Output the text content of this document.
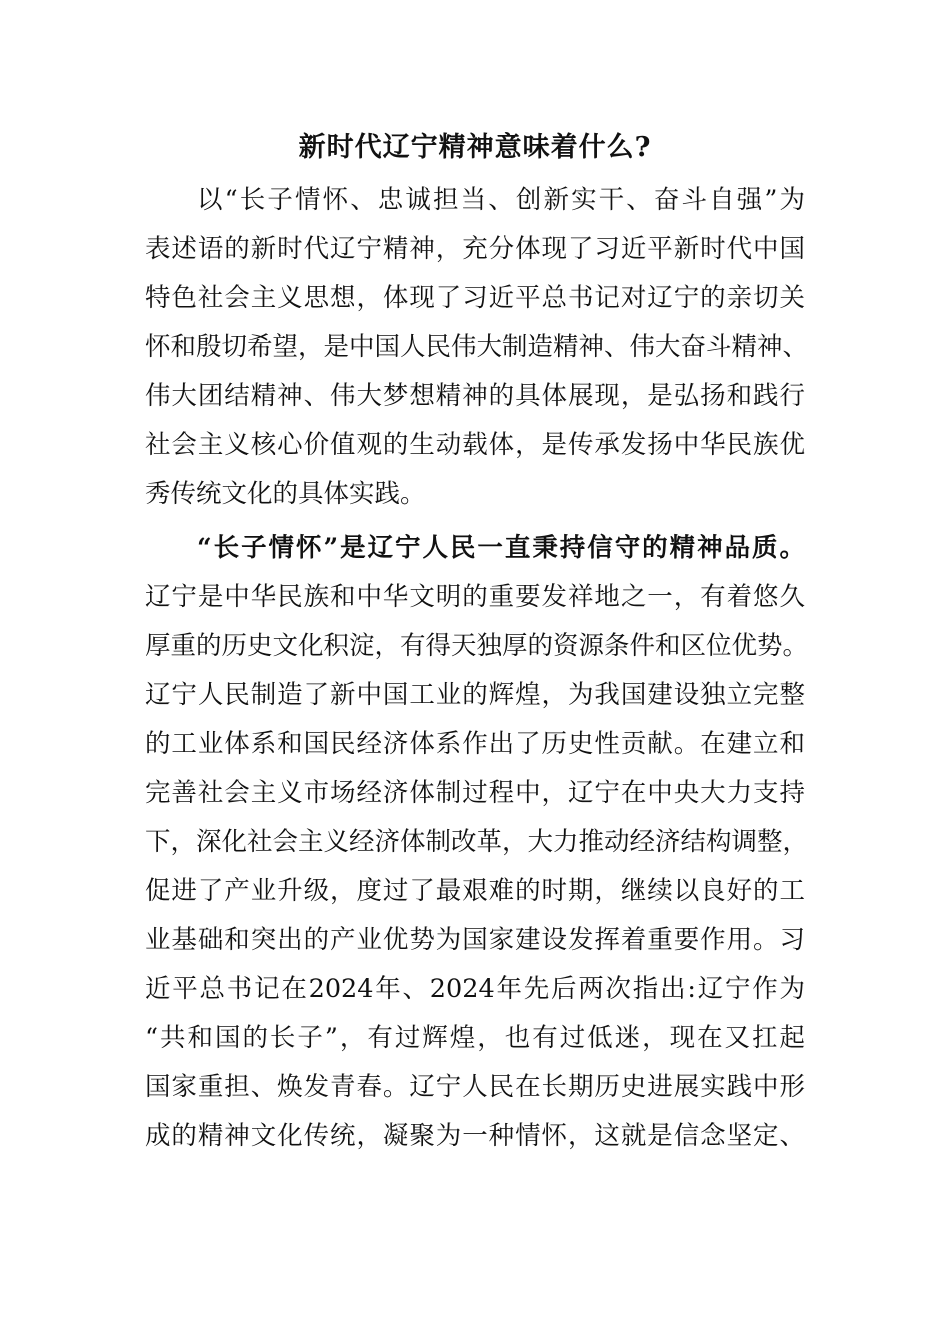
新时代辽宁精神意味着什么?
以“长子情怀、忠诚担当、创新实干、奋斗自强”为
表述语的新时代辽宁精神，充分体现了习近平新时代中国
特色社会主义思想，体现了习近平总书记对辽宁的亲切关
怀和殷切希望，是中国人民伟大制造精神、伟大奋斗精神、
伟大团结精神、伟大梦想精神的具体展现，是弘扬和践行
社会主义核心价值观的生动载体，是传承发扬中华民族优
秀传统文化的具体实践。
“长子情怀”是辽宁人民一直秉持信守的精神品质。
辽宁是中华民族和中华文明的重要发祥地之一，有着悠久
厚重的历史文化积淀，有得天独厚的资源条件和区位优势。
辽宁人民制造了新中国工业的辉煌，为我国建设独立完整
的工业体系和国民经济体系作出了历史性贡献。在建立和
完善社会主义市场经济体制过程中，辽宁在中央大力支持
下，深化社会主义经济体制改革，大力推动经济结构调整，
促进了产业升级，度过了最艰难的时期，继续以良好的工
业基础和突出的产业优势为国家建设发挥着重要作用。习
近平总书记在2024年、2024年先后两次指出:辽宁作为
“共和国的长子”，有过辉煌，也有过低迷，现在又扛起
国家重担、焕发青春。辽宁人民在长期历史进展实践中形
成的精神文化传统，凝聚为一种情怀，这就是信念坚定、
